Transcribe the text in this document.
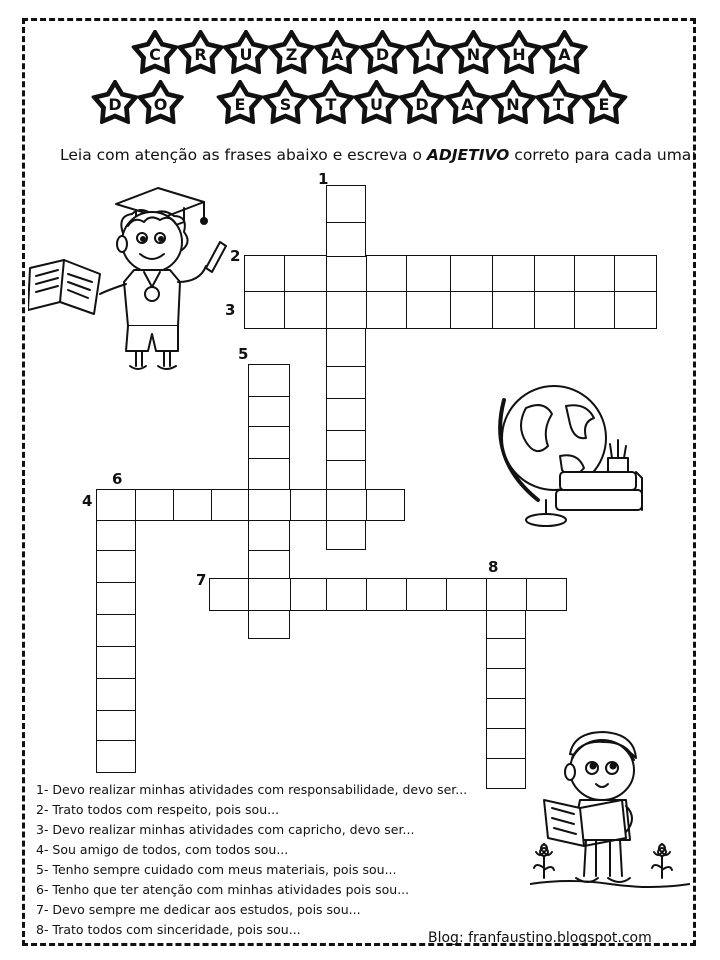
C R U Z A D I N H A
D O	E S T U D A N T E
Leia com atenção as frases abaixo e escreva o ADJETIVO correto para cada uma:
1
2
3
4
5
6
7
8
1- Devo realizar minhas atividades com responsabilidade, devo ser...
2- Trato todos com respeito, pois sou...
3- Devo realizar minhas atividades com capricho, devo ser...
4- Sou amigo de todos, com todos sou...
5- Tenho sempre cuidado com meus materiais, pois sou...
6- Tenho que ter atenção com minhas atividades pois sou...
7- Devo sempre me dedicar aos estudos, pois sou...
8- Trato todos com sinceridade, pois sou...
Blog: franfaustino.blogspot.com
